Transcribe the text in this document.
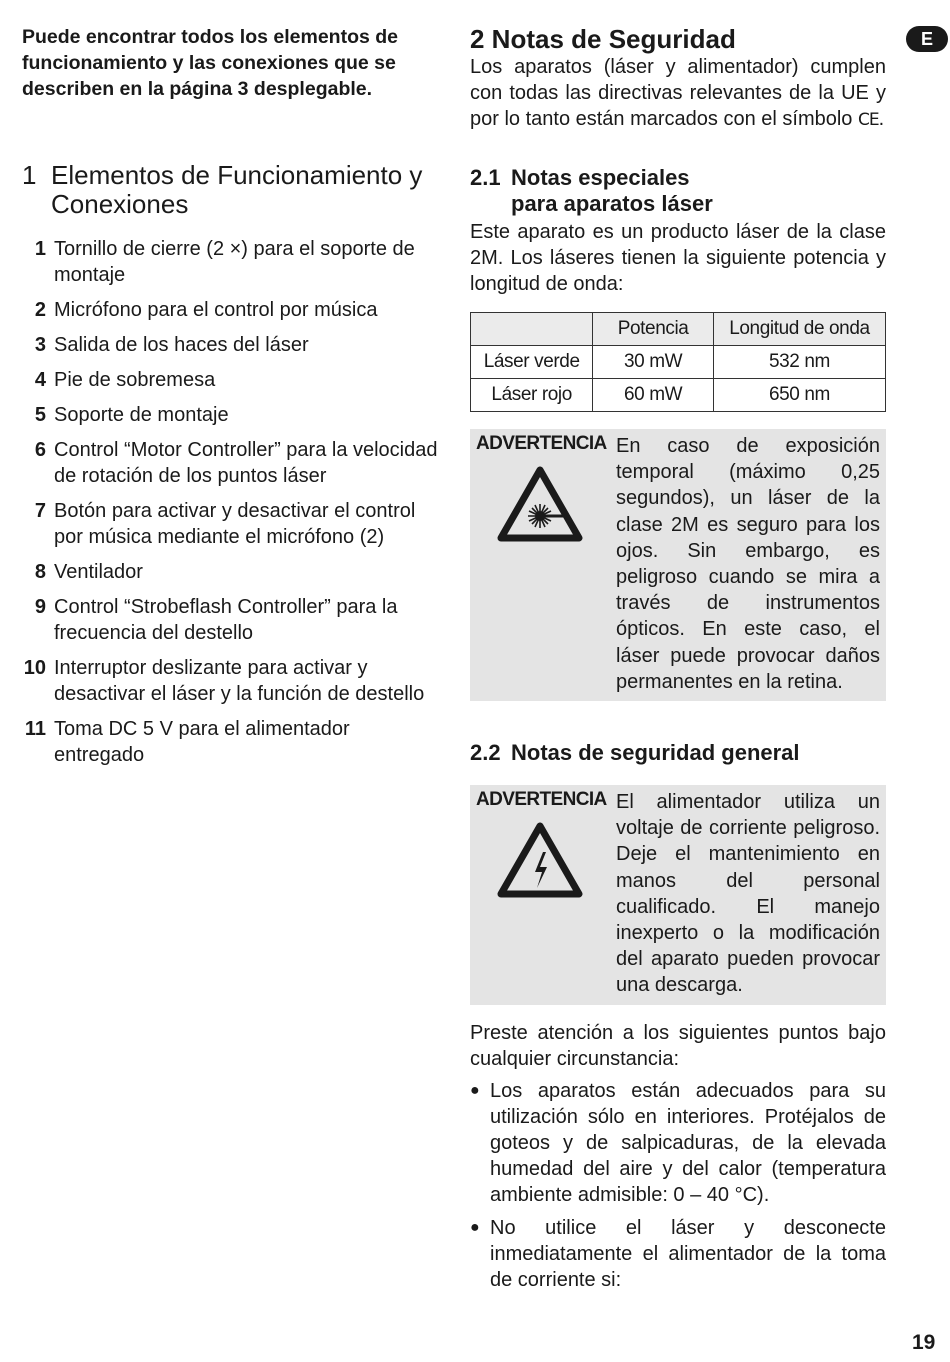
Puede encontrar todos los elementos de funcionamiento y las conexiones que se describen en la página 3 desplegable.

1 Elementos de Funcionamiento y Conexiones
1 Tornillo de cierre (2 ×) para el soporte de montaje
2 Micrófono para el control por música
3 Salida de los haces del láser
4 Pie de sobremesa
5 Soporte de montaje
6 Control “Motor Controller” para la velocidad de rotación de los puntos láser
7 Botón para activar y desactivar el control por música mediante el micrófono (2)
8 Ventilador
9 Control “Strobeflash Controller” para la frecuencia del destello
10 Interruptor deslizante para activar y desactivar el láser y la función de destello
11 Toma DC 5 V para el alimentador entregado
2 Notas de Seguridad

Los aparatos (láser y alimentador) cumplen con todas las directivas relevantes de la UE y por lo tanto están marcados con el símbolo CE.

2.1 Notas especiales
para aparatos láser

Este aparato es un producto láser de la clase 2M. Los láseres tienen la siguiente potencia y longitud de onda:

	Potencia	Longitud de onda
Láser verde	30 mW	532 nm
Láser rojo	60 mW	650 nm
ADVERTENCIA En caso de exposición temporal (máximo 0,25 segundos), un láser de la clase 2M es seguro para los ojos. Sin embargo, es peligroso cuando se mira a través de instrumentos ópticos. En este caso, el láser puede provocar daños permanentes en la retina.
2.2 Notas de seguridad general
ADVERTENCIA El alimentador utiliza un voltaje de corriente peligroso. Deje el mantenimiento en manos del personal cualificado. El manejo inexperto o la modificación del aparato pueden provocar una descarga.

Preste atención a los siguientes puntos bajo cualquier circunstancia:

● Los aparatos están adecuados para su utilización sólo en interiores. Protéjalos de goteos y de salpicaduras, de la elevada humedad del aire y del calor (temperatura ambiente admisible: 0 – 40 °C).
● No utilice el láser y desconecte inmediatamente el alimentador de la toma de corriente si:
E
19
